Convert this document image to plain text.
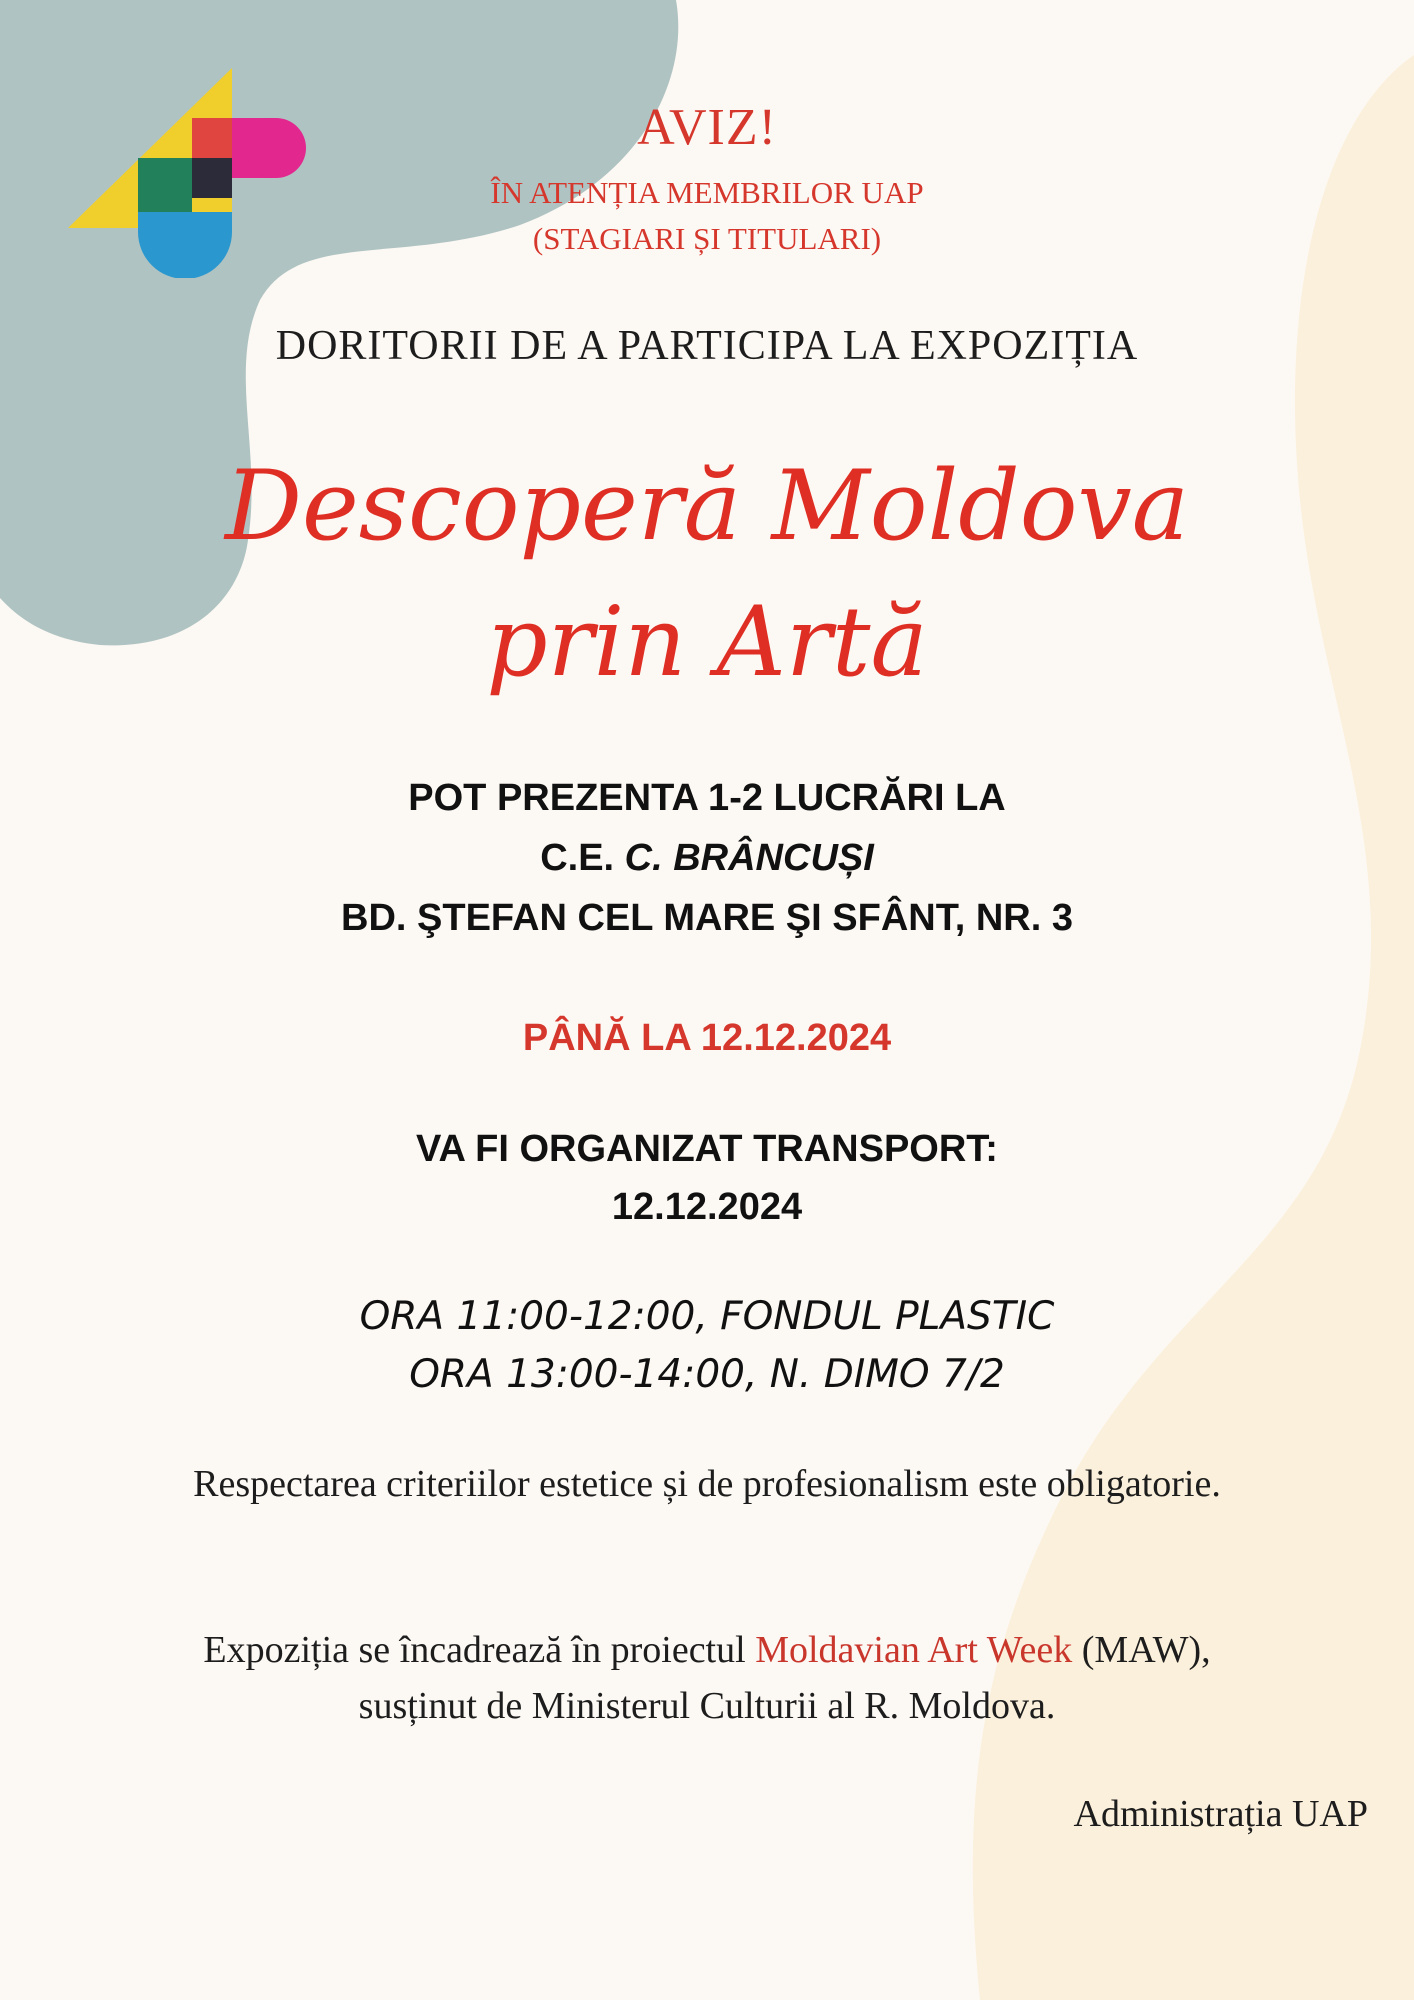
AVIZ!

ÎN ATENȚIA MEMBRILOR UAP
(STAGIARI ȘI TITULARI)

DORITORII DE A PARTICIPA LA EXPOZIȚIA

Descoperă Moldova
prin Artă
POT PREZENTA 1-2 LUCRĂRI LA
C.E. C. BRÂNCUȘI
BD. ŞTEFAN CEL MARE ŞI SFÂNT, NR. 3

PÂNĂ LA 12.12.2024

VA FI ORGANIZAT TRANSPORT:
12.12.2024
ORA 11:00-12:00, FONDUL PLASTIC
ORA 13:00-14:00, N. DIMO 7/2

Respectarea criteriilor estetice și de profesionalism este obligatorie.

Expoziția se încadrează în proiectul Moldavian Art Week (MAW),
susținut de Ministerul Culturii al R. Moldova.

Administrația UAP
